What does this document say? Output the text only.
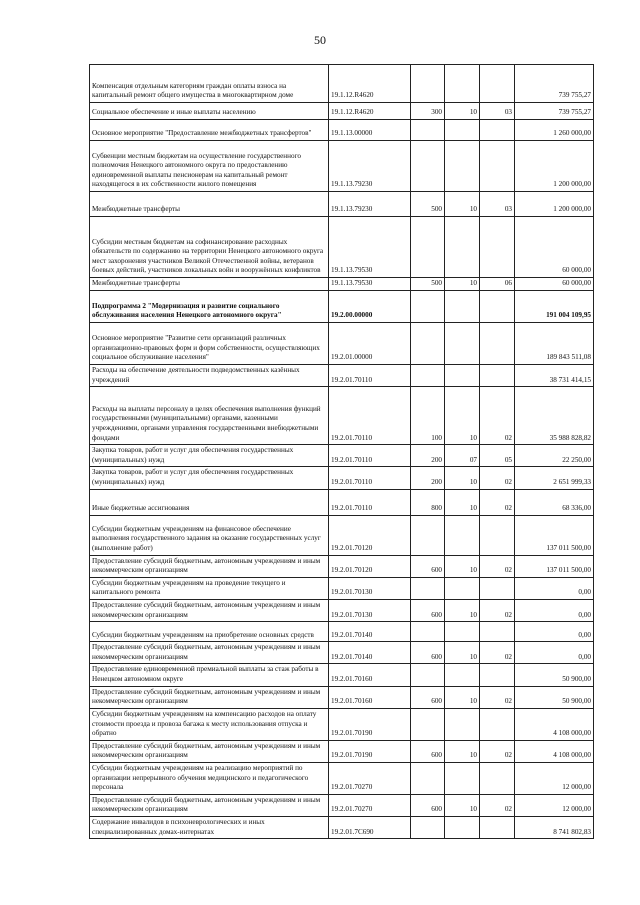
50
Компенсация отдельным категориям граждан оплаты взноса на капитальный ремонт общего имущества в многоквартирном доме	19.1.12.R4620				739 755,27
Социальное обеспечение и иные выплаты населению	19.1.12.R4620	300	10	03	739 755,27
Основное мероприятие "Предоставление межбюджетных трансфертов"	19.1.13.00000				1 260 000,00
Субвенции местным бюджетам на осуществление государственного полномочия Ненецкого автономного округа по предоставлению единовременной выплаты пенсионерам на капитальный ремонт находящегося в их собственности жилого помещения	19.1.13.79230				1 200 000,00
Межбюджетные трансферты	19.1.13.79230	500	10	03	1 200 000,00
Субсидии местным бюджетам на софинансирование расходных обязательств по содержанию на территории Ненецкого автономного округа мест захоронения участников Великой Отечественной войны, ветеранов боевых действий, участников локальных войн и вооружённых конфликтов	19.1.13.79530				60 000,00
Межбюджетные трансферты	19.1.13.79530	500	10	06	60 000,00
Подпрограмма 2 "Модернизация и развитие социального обслуживания населения Ненецкого автономного округа"	19.2.00.00000				191 004 109,95
Основное мероприятие "Развитие сети организаций различных организационно-правовых форм и форм собственности, осуществляющих социальное обслуживание населения"	19.2.01.00000				189 843 511,08
Расходы на обеспечение деятельности подведомственных казённых учреждений	19.2.01.70110				38 731 414,15
Расходы на выплаты персоналу в целях обеспечения выполнения функций государственными (муниципальными) органами, казенными учреждениями, органами управления государственными внебюджетными фондами	19.2.01.70110	100	10	02	35 988 828,82
Закупка товаров, работ и услуг для обеспечения государственных (муниципальных) нужд	19.2.01.70110	200	07	05	22 250,00
Закупка товаров, работ и услуг для обеспечения государственных (муниципальных) нужд	19.2.01.70110	200	10	02	2 651 999,33
Иные бюджетные ассигнования	19.2.01.70110	800	10	02	68 336,00
Субсидии бюджетным учреждениям на финансовое обеспечение выполнения государственного задания на оказание государственных услуг (выполнение работ)	19.2.01.70120				137 011 500,00
Предоставление субсидий бюджетным, автономным учреждениям и иным некоммерческим организациям	19.2.01.70120	600	10	02	137 011 500,00
Субсидии бюджетным учреждениям на проведение текущего и капитального ремонта	19.2.01.70130				0,00
Предоставление субсидий бюджетным, автономным учреждениям и иным некоммерческим организациям	19.2.01.70130	600	10	02	0,00
Субсидии бюджетным учреждениям на приобретение основных средств	19.2.01.70140				0,00
Предоставление субсидий бюджетным, автономным учреждениям и иным некоммерческим организациям	19.2.01.70140	600	10	02	0,00
Предоставление единовременной премиальной выплаты за стаж работы в Ненецком автономном округе	19.2.01.70160				50 900,00
Предоставление субсидий бюджетным, автономным учреждениям и иным некоммерческим организациям	19.2.01.70160	600	10	02	50 900,00
Субсидии бюджетным учреждениям на компенсацию расходов на оплату стоимости проезда и провоза багажа к месту использования отпуска и обратно	19.2.01.70190				4 108 000,00
Предоставление субсидий бюджетным, автономным учреждениям и иным некоммерческим организациям	19.2.01.70190	600	10	02	4 108 000,00
Субсидии бюджетным учреждениям на реализацию мероприятий по организации непрерывного обучения медицинского и педагогического персонала	19.2.01.70270				12 000,00
Предоставление субсидий бюджетным, автономным учреждениям и иным некоммерческим организациям	19.2.01.70270	600	10	02	12 000,00
Содержание инвалидов в психоневрологических и иных специализированных домах-интернатах	19.2.01.7C690				8 741 802,83
